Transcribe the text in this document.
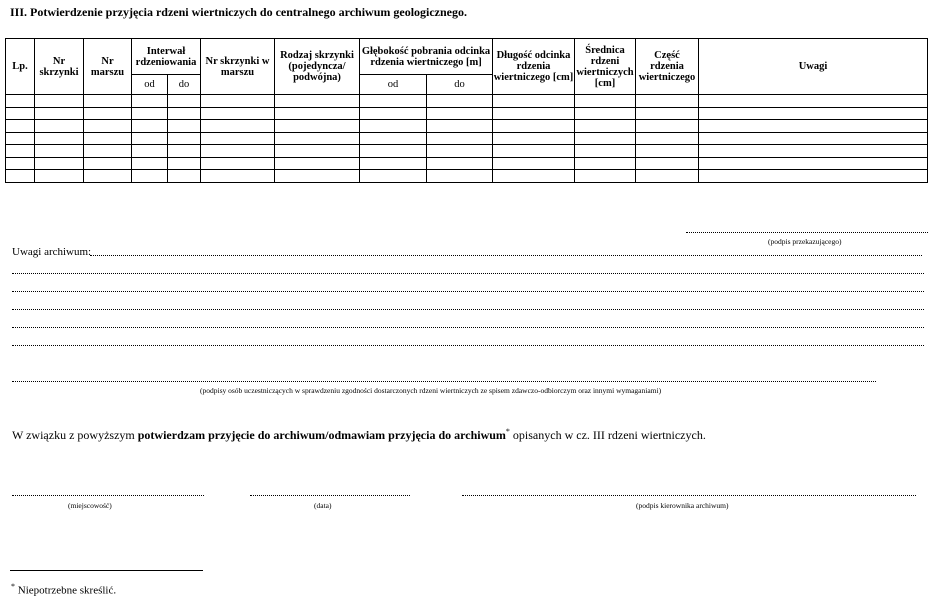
III. Potwierdzenie przyjęcia rdzeni wiertniczych do centralnego archiwum geologicznego.
Lp.	Nr skrzynki	Nr marszu	Interwał rdzeniowania		Nr skrzynki w marszu	Rodzaj skrzynki (pojedyncza/ podwójna)	Głębokość pobrania odcinka rdzenia wiertniczego [m]		Długość odcinka rdzenia wiertniczego [cm]	Średnica rdzeni wiertniczych [cm]	Część rdzenia wiertniczego	Uwagi
			od	do			od	do				

(podpis przekazującego)
Uwagi archiwum:
(podpisy osób uczestniczących w sprawdzeniu zgodności dostarczonych rdzeni wiertniczych ze spisem zdawczo-odbiorczym oraz innymi wymaganiami)
W związku z powyższym potwierdzam przyjęcie do archiwum/odmawiam przyjęcia do archiwum* opisanych w cz. III rdzeni wiertniczych.
(miejscowość)	(data)	(podpis kierownika archiwum)
* Niepotrzebne skreślić.
